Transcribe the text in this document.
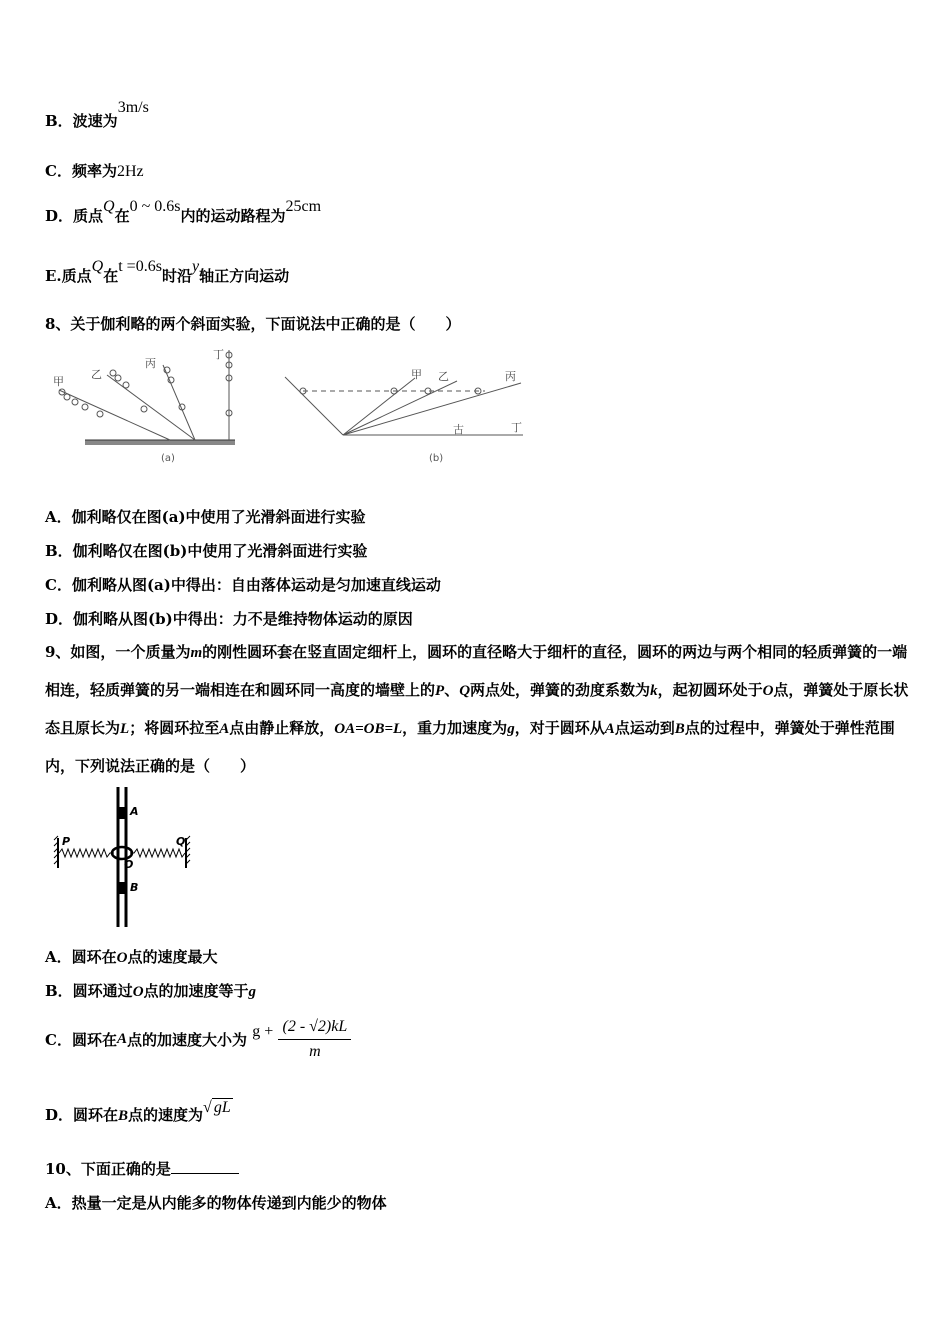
B．波速为3m/s
C．频率为2Hz
D．质点Q在0 ~ 0.6s内的运动路程为25cm
E.质点Q在t =0.6s时沿y轴正方向运动
8、关于伽利略的两个斜面实验，下面说法中正确的是（　　）
甲
乙
丙
丁
(a)
甲 乙	丙
丁
古
(b)
A．伽利略仅在图(a)中使用了光滑斜面进行实验
B．伽利略仅在图(b)中使用了光滑斜面进行实验
C．伽利略从图(a)中得出：自由落体运动是匀加速直线运动
D．伽利略从图(b)中得出：力不是维持物体运动的原因
9、如图，一个质量为m的刚性圆环套在竖直固定细杆上，圆环的直径略大于细杆的直径，圆环的两边与两个相同的轻质弹簧的一端相连，轻质弹簧的另一端相连在和圆环同一高度的墙壁上的P、Q两点处，弹簧的劲度系数为k，起初圆环处于O点，弹簧处于原长状态且原长为L；将圆环拉至A点由静止释放，OA=OB=L，重力加速度为g，对于圆环从A点运动到B点的过程中，弹簧处于弹性范围内，下列说法正确的是（　　）
A
B
O
P	Q
A．圆环在O点的速度最大
B．圆环通过O点的加速度等于g
C．圆环在A点的加速度大小为 $g + \frac{(2 - √2)kL}{m}$
D．圆环在B点的速度为√ gL
10、下面正确的是
A．热量一定是从内能多的物体传递到内能少的物体
